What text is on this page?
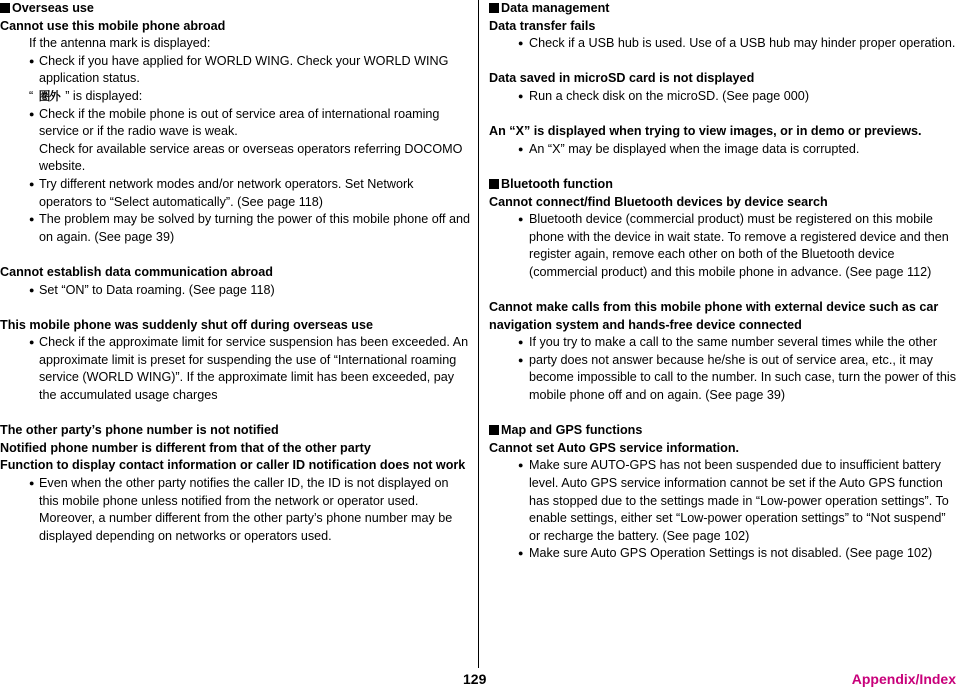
Overseas use
Cannot use this mobile phone abroad
If the antenna mark is displayed:
● Check if you have applied for WORLD WING. Check your WORLD WING application status.
“ 圏外 ” is displayed:
● Check if the mobile phone is out of service area of international roaming service or if the radio wave is weak.
Check for available service areas or overseas operators referring DOCOMO website.
● Try different network modes and/or network operators. Set Network operators to “Select automatically”. (See page 118)
● The problem may be solved by turning the power of this mobile phone off and on again. (See page 39)
Cannot establish data communication abroad
● Set “ON” to Data roaming. (See page 118)
This mobile phone was suddenly shut off during overseas use
● Check if the approximate limit for service suspension has been exceeded. An approximate limit is preset for suspending the use of “International roaming service (WORLD WING)”. If the approximate limit has been exceeded, pay the accumulated usage charges
The other party’s phone number is not notified
Notified phone number is different from that of the other party
Function to display contact information or caller ID notification does not work
● Even when the other party notifies the caller ID, the ID is not displayed on this mobile phone unless notified from the network or operator used. Moreover, a number different from the other party’s phone number may be displayed depending on networks or operators used.
Data management
Data transfer fails
● Check if a USB hub is used. Use of a USB hub may hinder proper operation.
Data saved in microSD card is not displayed
● Run a check disk on the microSD. (See page 000)
An “X” is displayed when trying to view images, or in demo or previews.
● An “X” may be displayed when the image data is corrupted.
Bluetooth function
Cannot connect/find Bluetooth devices by device search
● Bluetooth device (commercial product) must be registered on this mobile phone with the device in wait state. To remove a registered device and then register again, remove each other on both of the Bluetooth device (commercial product) and this mobile phone in advance. (See page 112)
Cannot make calls from this mobile phone with external device such as car navigation system and hands-free device connected
● If you try to make a call to the same number several times while the other
● party does not answer because he/she is out of service area, etc., it may become impossible to call to the number. In such case, turn the power of this mobile phone off and on again. (See page 39)
Map and GPS functions
Cannot set Auto GPS service information.
● Make sure AUTO-GPS has not been suspended due to insufficient battery level. Auto GPS service information cannot be set if the Auto GPS function has stopped due to the settings made in “Low-power operation settings”. To enable settings, either set “Low-power operation settings” to “Not suspend” or recharge the battery. (See page 102)
● Make sure Auto GPS Operation Settings is not disabled. (See page 102)
129	Appendix/Index
